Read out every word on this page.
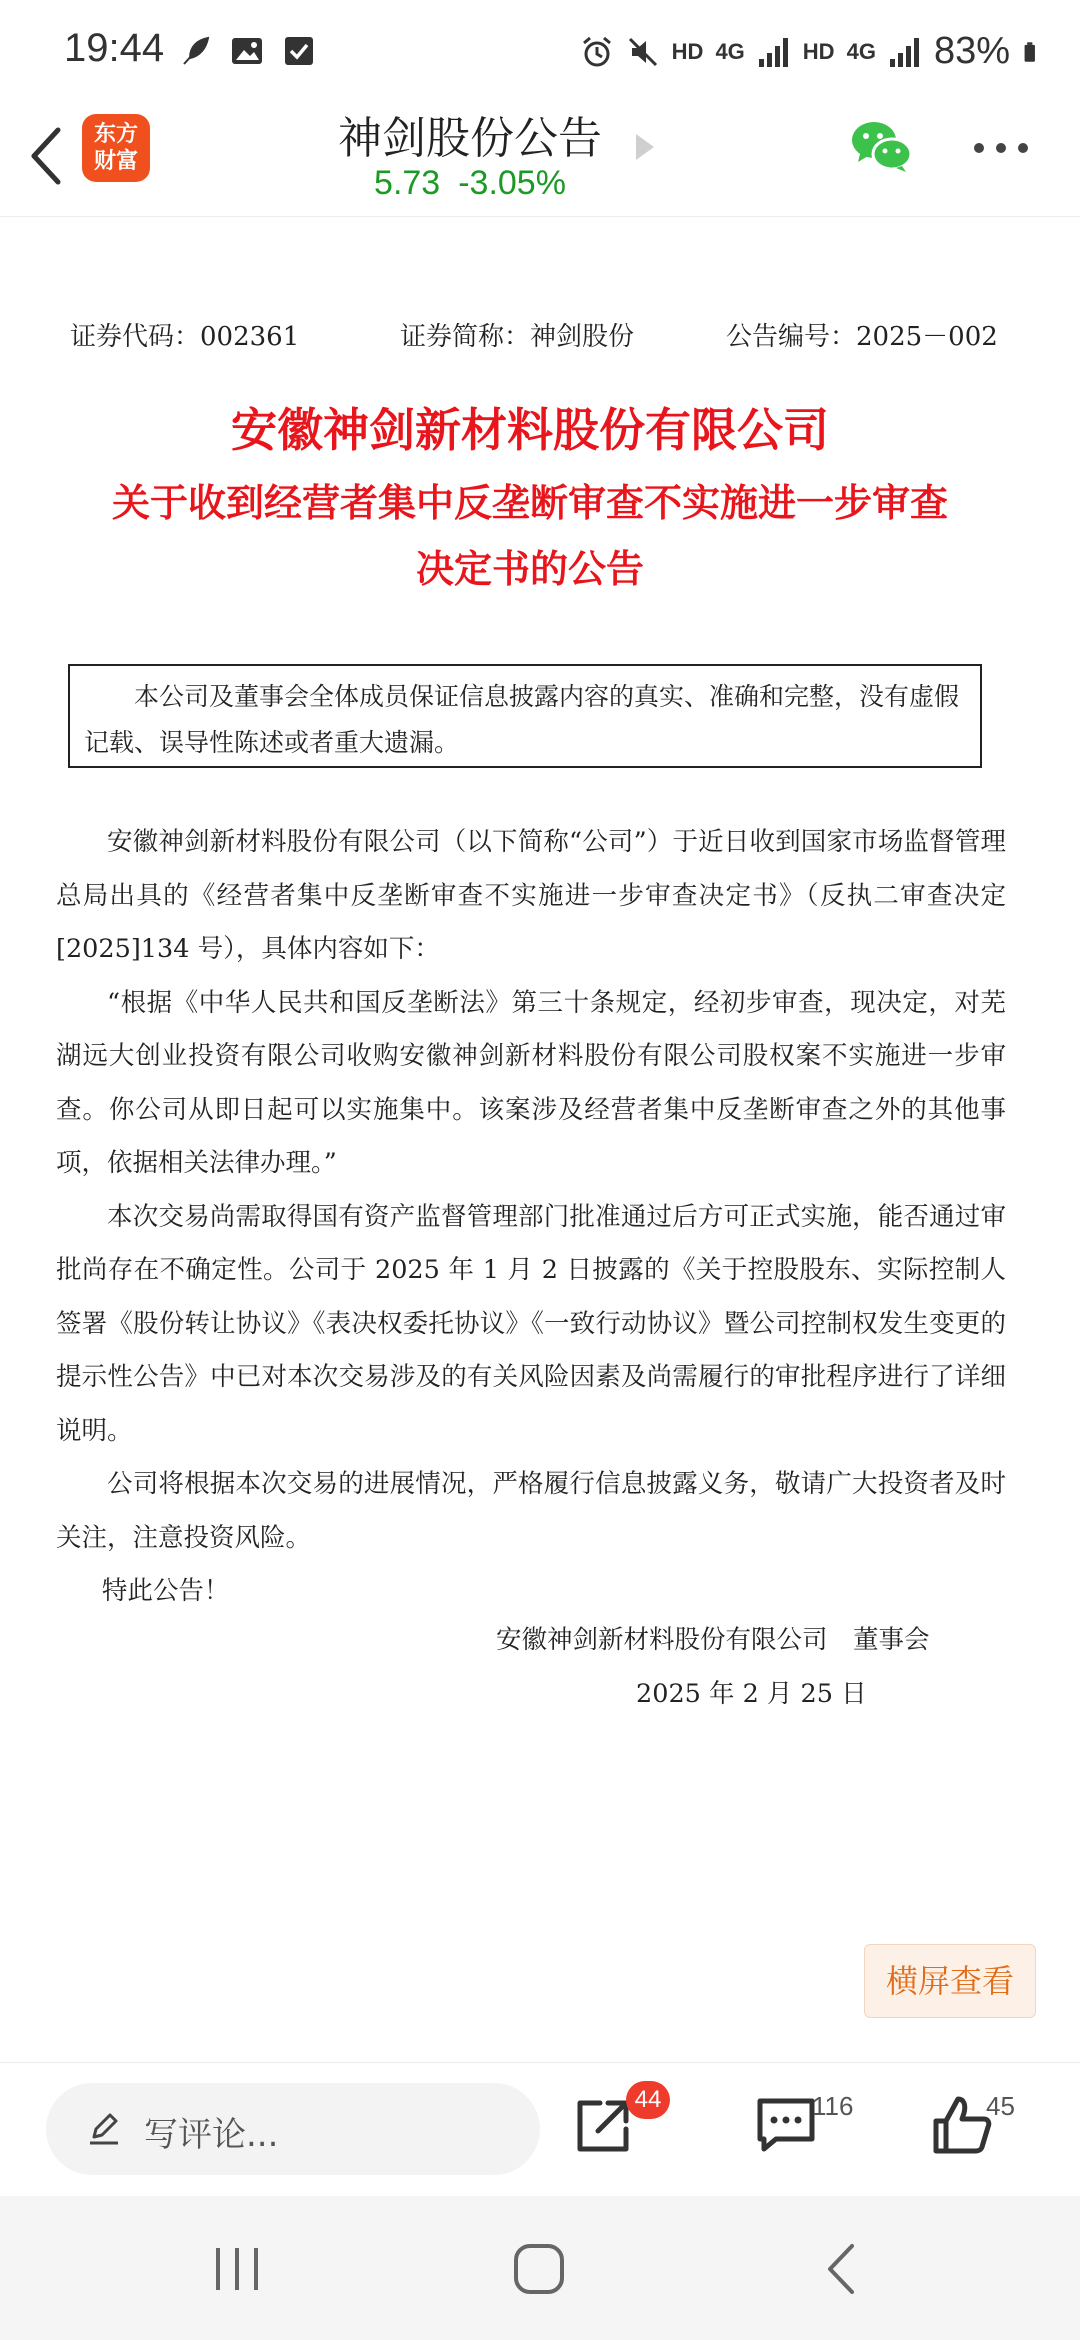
19:44	HD 4G	HD 4G 83%
东方
财富	神剑股份公告
5.73 -3.05%
证券代码：002361	证券简称：神剑股份	公告编号：2025－002
安徽神剑新材料股份有限公司
关于收到经营者集中反垄断审查不实施进一步审查
决定书的公告

本公司及董事会全体成员保证信息披露内容的真实、准确和完整，没有虚假记载、误导性陈述或者重大遗漏。

安徽神剑新材料股份有限公司（以下简称“公司”）于近日收到国家市场监督管理总局出具的《经营者集中反垄断审查不实施进一步审查决定书》（反执二审查决定[2025]134 号），具体内容如下：

“根据《中华人民共和国反垄断法》第三十条规定，经初步审查，现决定，对芜湖远大创业投资有限公司收购安徽神剑新材料股份有限公司股权案不实施进一步审查。你公司从即日起可以实施集中。该案涉及经营者集中反垄断审查之外的其他事项，依据相关法律办理。”

本次交易尚需取得国有资产监督管理部门批准通过后方可正式实施，能否通过审批尚存在不确定性。公司于 2025 年 1 月 2 日披露的《关于控股股东、实际控制人签署《股份转让协议》《表决权委托协议》《一致行动协议》暨公司控制权发生变更的提示性公告》中已对本次交易涉及的有关风险因素及尚需履行的审批程序进行了详细说明。

公司将根据本次交易的进展情况，严格履行信息披露义务，敬请广大投资者及时关注，注意投资风险。

特此公告！

安徽神剑新材料股份有限公司　董事会
2025 年 2 月 25 日
横屏查看
写评论...
44	116	45
